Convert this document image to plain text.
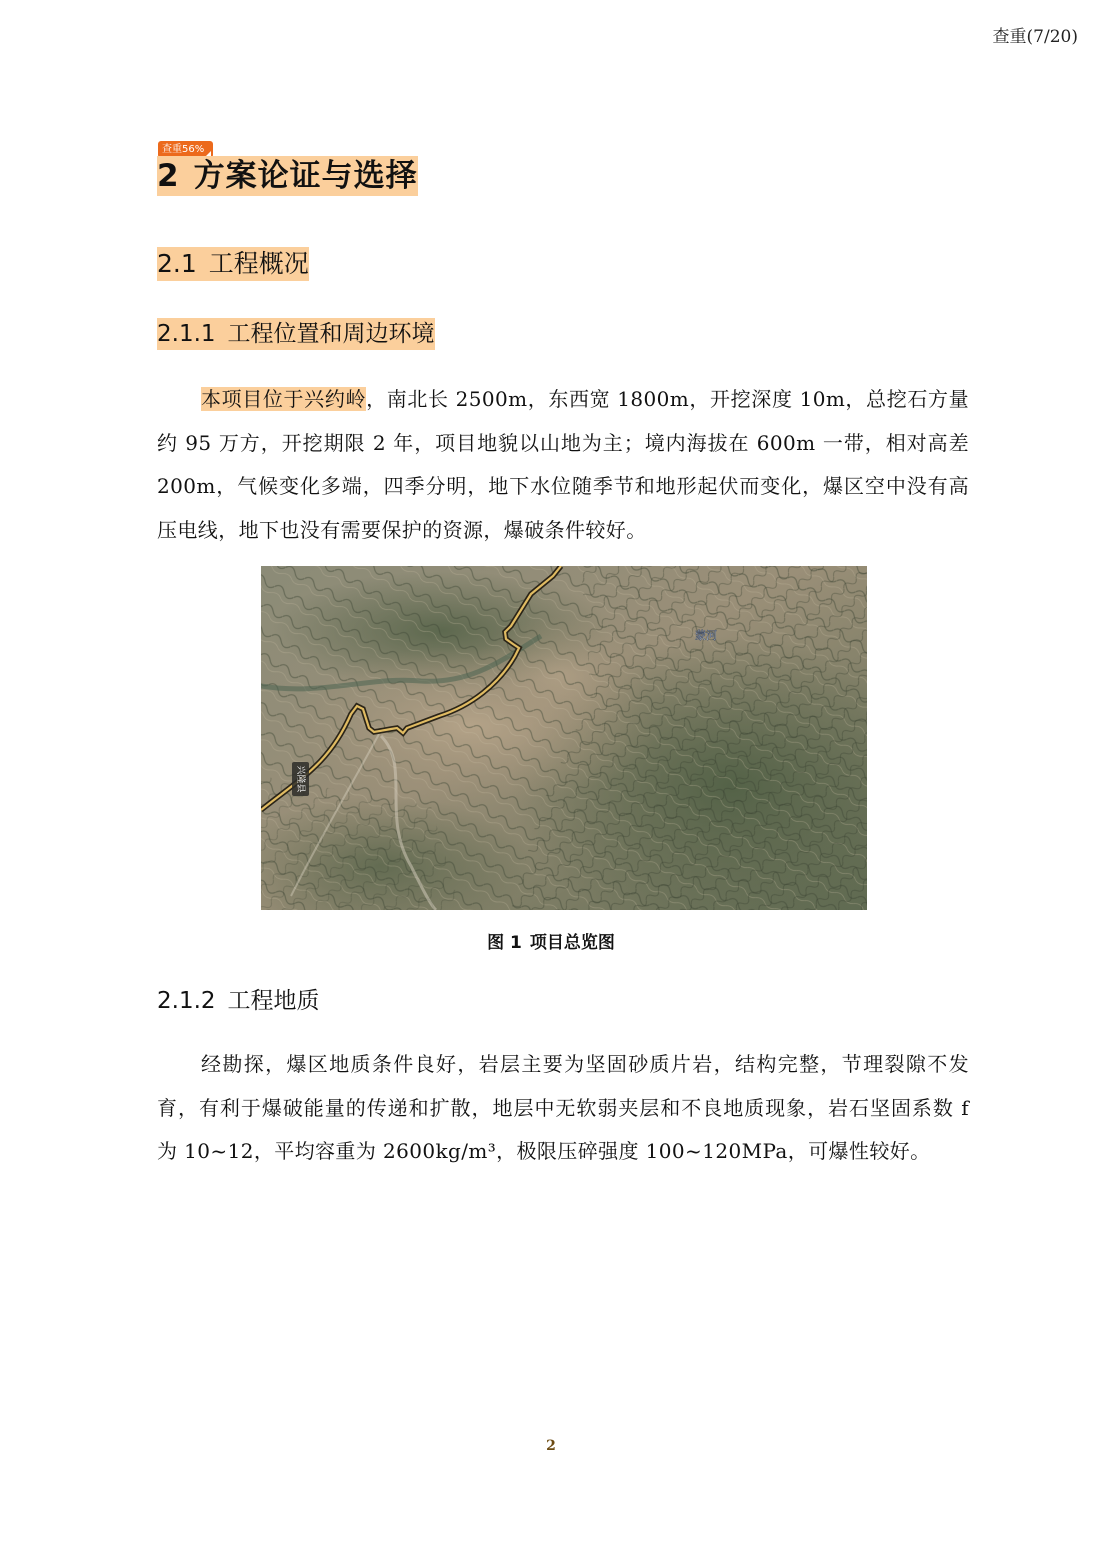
查重(7/20)
查重56%
2 方案论证与选择
2.1 工程概况
2.1.1 工程位置和周边环境

本项目位于兴约岭，南北长 2500m，东西宽 1800m，开挖深度 10m，总挖石方量约 95 万方，开挖期限 2 年，项目地貌以山地为主；境内海拔在 600m 一带，相对高差 200m，气候变化多端，四季分明，地下水位随季节和地形起伏而变化，爆区空中没有高压电线，地下也没有需要保护的资源，爆破条件较好。

兴隆县
蒙河
图 1 项目总览图
2.1.2 工程地质

经勘探，爆区地质条件良好，岩层主要为坚固砂质片岩，结构完整，节理裂隙不发育，有利于爆破能量的传递和扩散，地层中无软弱夹层和不良地质现象，岩石坚固系数 f 为 10~12，平均容重为 2600kg/m³，极限压碎强度 100~120MPa，可爆性较好。

2
